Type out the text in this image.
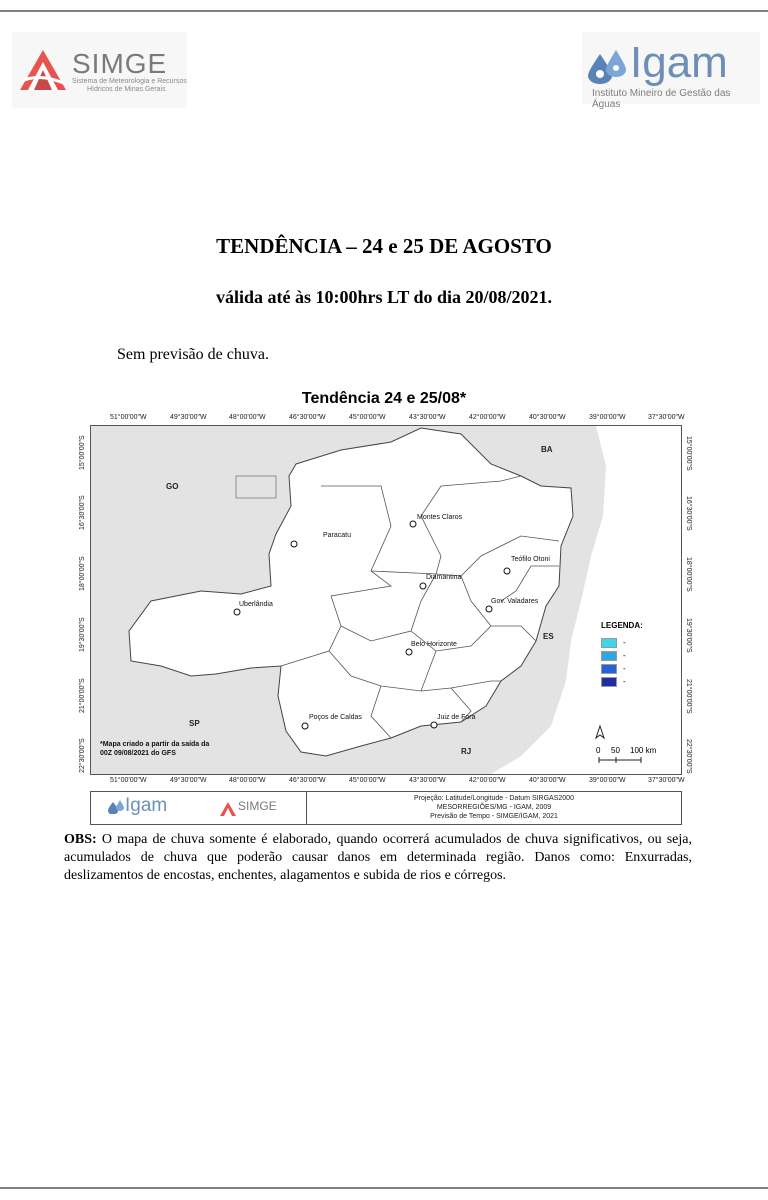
SIMGE
Sistema de Meteorologia e Recursos
Hídricos de Minas Gerais
Igam
Instituto Mineiro de Gestão das Águas
TENDÊNCIA – 24 e 25 DE AGOSTO
válida até às 10:00hrs LT do dia 20/08/2021.
Sem previsão de chuva.
Tendência 24 e 25/08*
51°00'00"W	49°30'00"W	48°00'00"W	46°30'00"W	45°00'00"W	43°30'00"W	42°00'00"W	40°30'00"W	39°00'00"W	37°30'00"W
15°00'00"S
16°30'00"S
18°00'00"S
19°30'00"S
21°00'00"S
22°30'00"S
15°00'00"S
16°30'00"S
18°00'00"S
19°30'00"S
21°00'00"S
22°30'00"S
BA
GO
ES
SP
RJ
Montes Claros
Paracatu
Teófilo Otoni
Diamantina
Gov. Valadares
Uberlândia
Belo Horizonte
Poços de Caldas	Juiz de Fora
LEGENDA:
-
-
-
-
0 50 100 km
*Mapa criado a partir da saída da
00Z 09/08/2021 do GFS
51°00'00"W	49°30'00"W	48°00'00"W	46°30'00"W	45°00'00"W	43°30'00"W	42°00'00"W	40°30'00"W	39°00'00"W	37°30'00"W
Igam	SIMGE
Projeção: Latitude/Longitude - Datum SIRGAS2000
MESORREGIÕES/MG - IGAM, 2009
Previsão de Tempo - SIMGE/IGAM, 2021
OBS: O mapa de chuva somente é elaborado, quando ocorrerá acumulados de chuva significativos, ou seja, acumulados de chuva que poderão causar danos em determinada região. Danos como: Enxurradas, deslizamentos de encostas, enchentes, alagamentos e subida de rios e córregos.
